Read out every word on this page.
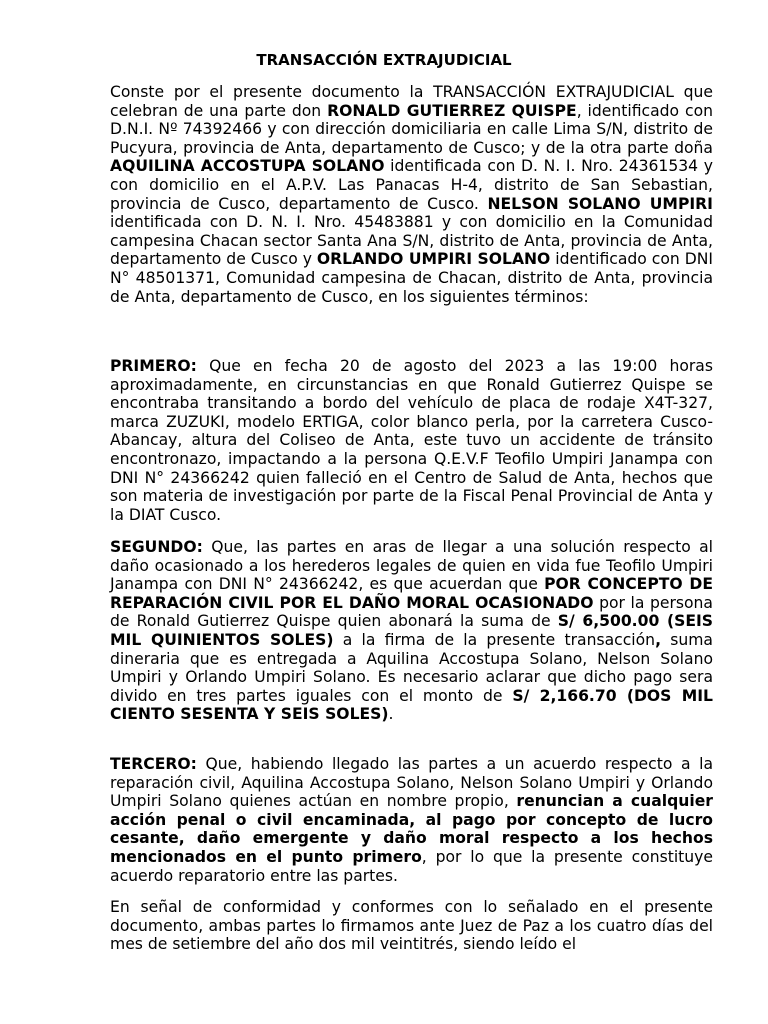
TRANSACCIÓN EXTRAJUDICIAL

Conste por el presente documento la TRANSACCIÓN EXTRAJUDICIAL que celebran de una parte don RONALD GUTIERREZ QUISPE, identificado con D.N.I. Nº 74392466 y con dirección domiciliaria en calle Lima S/N, distrito de Pucyura, provincia de Anta, departamento de Cusco; y de la otra parte doña AQUILINA ACCOSTUPA SOLANO identificada con D. N. I. Nro. 24361534 y con domicilio en el A.P.V. Las Panacas H-4, distrito de San Sebastian, provincia de Cusco, departamento de Cusco. NELSON SOLANO UMPIRI identificada con D. N. I. Nro. 45483881 y con domicilio en la Comunidad campesina Chacan sector Santa Ana S/N, distrito de Anta, provincia de Anta, departamento de Cusco y ORLANDO UMPIRI SOLANO identificado con DNI N° 48501371, Comunidad campesina de Chacan, distrito de Anta, provincia de Anta, departamento de Cusco, en los siguientes términos:

PRIMERO: Que en fecha 20 de agosto del 2023 a las 19:00 horas aproximadamente, en circunstancias en que Ronald Gutierrez Quispe se encontraba transitando a bordo del vehículo de placa de rodaje X4T-327, marca ZUZUKI, modelo ERTIGA, color blanco perla, por la carretera Cusco-Abancay, altura del Coliseo de Anta, este tuvo un accidente de tránsito encontronazo, impactando a la persona Q.E.V.F Teofilo Umpiri Janampa con DNI N° 24366242 quien falleció en el Centro de Salud de Anta, hechos que son materia de investigación por parte de la Fiscal Penal Provincial de Anta y la DIAT Cusco.

SEGUNDO: Que, las partes en aras de llegar a una solución respecto al daño ocasionado a los herederos legales de quien en vida fue Teofilo Umpiri Janampa con DNI N° 24366242, es que acuerdan que POR CONCEPTO DE REPARACIÓN CIVIL POR EL DAÑO MORAL OCASIONADO por la persona de Ronald Gutierrez Quispe quien abonará la suma de S/ 6,500.00 (SEIS MIL QUINIENTOS SOLES) a la firma de la presente transacción, suma dineraria que es entregada a Aquilina Accostupa Solano, Nelson Solano Umpiri y Orlando Umpiri Solano. Es necesario aclarar que dicho pago sera divido en tres partes iguales con el monto de S/ 2,166.70 (DOS MIL CIENTO SESENTA Y SEIS SOLES).

TERCERO: Que, habiendo llegado las partes a un acuerdo respecto a la reparación civil, Aquilina Accostupa Solano, Nelson Solano Umpiri y Orlando Umpiri Solano quienes actúan en nombre propio, renuncian a cualquier acción penal o civil encaminada, al pago por concepto de lucro cesante, daño emergente y daño moral respecto a los hechos mencionados en el punto primero, por lo que la presente constituye acuerdo reparatorio entre las partes.

En señal de conformidad y conformes con lo señalado en el presente documento, ambas partes lo firmamos ante Juez de Paz a los cuatro días del mes de setiembre del año dos mil veintitrés, siendo leído el
